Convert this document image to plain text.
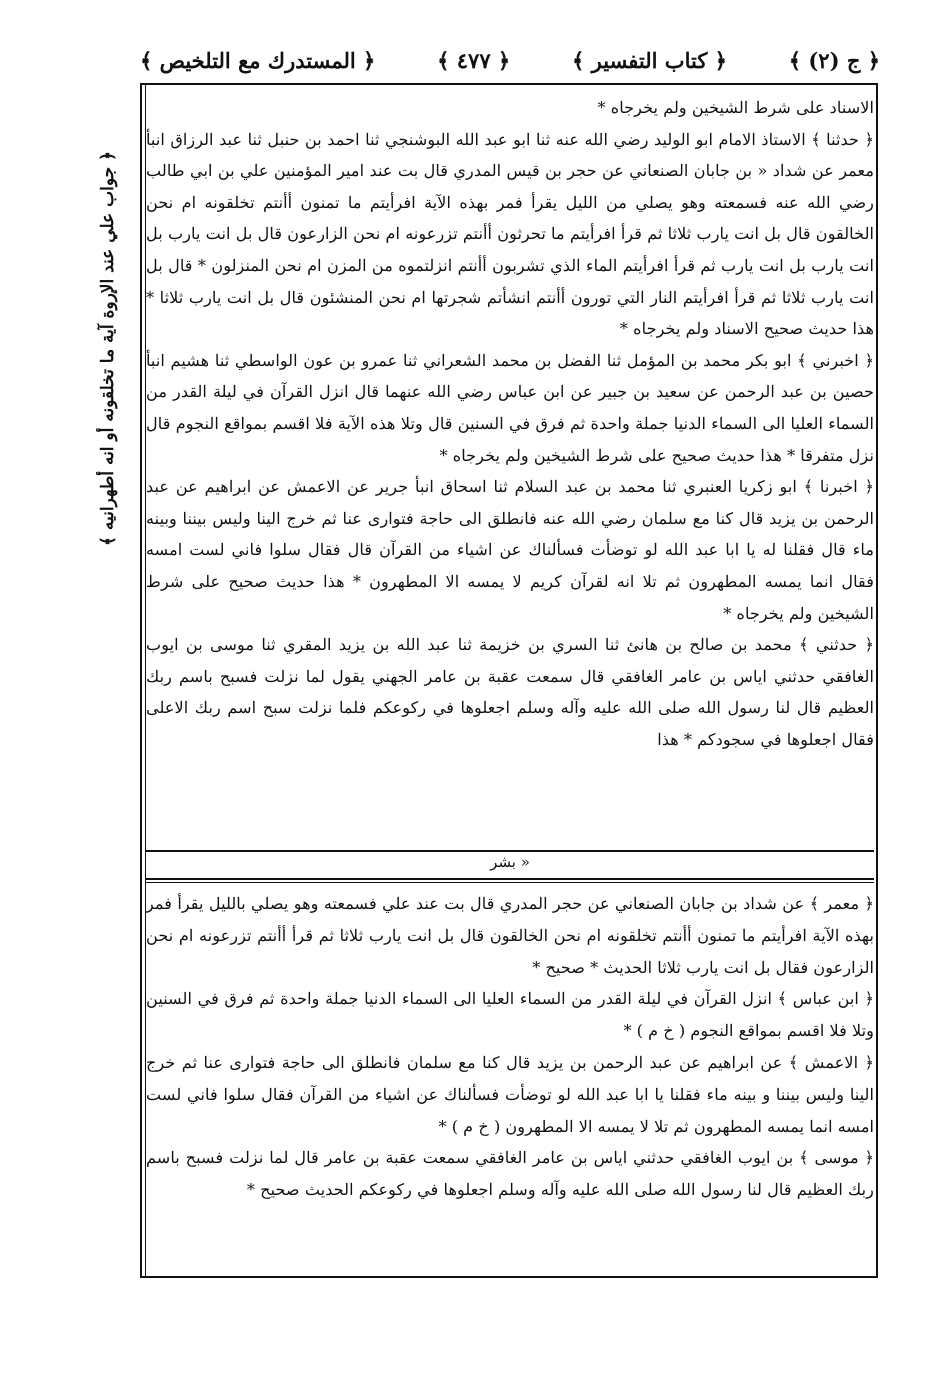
﴿ المستدرك مع التلخيص ﴾	﴿ ٤٧٧ ﴾	﴿ كتاب التفسير ﴾	﴿ ج (٢) ﴾
﴿ جواب علي عند الإروة آية ما تخلقونه أو انه أطهرانيه ﴾

الاسناد على شرط الشيخين ولم يخرجاه *

﴿ حدثنا ﴾ الاستاذ الامام ابو الوليد رضي الله عنه ثنا ابو عبد الله البوشنجي ثنا احمد بن حنبل ثنا عبد الرزاق انبأ معمر عن شداد « بن جابان الصنعاني عن حجر بن قيس المدري قال بت عند امير المؤمنين علي بن ابي طالب رضي الله عنه فسمعته وهو يصلي من الليل يقرأ فمر بهذه الآية افرأيتم ما تمنون أأنتم تخلقونه ام نحن الخالقون قال بل انت يارب ثلاثا ثم قرأ افرأيتم ما تحرثون أأنتم تزرعونه ام نحن الزارعون قال بل انت يارب بل انت يارب بل انت يارب ثم قرأ افرأيتم الماء الذي تشربون أأنتم انزلتموه من المزن ام نحن المنزلون * قال بل انت يارب ثلاثا ثم قرأ افرأيتم النار التي تورون أأنتم انشأتم شجرتها ام نحن المنشئون قال بل انت يارب ثلاثا * هذا حديث صحيح الاسناد ولم يخرجاه *

﴿ اخبرني ﴾ ابو بكر محمد بن المؤمل ثنا الفضل بن محمد الشعراني ثنا عمرو بن عون الواسطي ثنا هشيم انبأ حصين بن عبد الرحمن عن سعيد بن جبير عن ابن عباس رضي الله عنهما قال انزل القرآن في ليلة القدر من السماء العليا الى السماء الدنيا جملة واحدة ثم فرق في السنين قال وتلا هذه الآية فلا اقسم بمواقع النجوم قال نزل متفرقا * هذا حديث صحيح على شرط الشيخين ولم يخرجاه *

﴿ اخبرنا ﴾ ابو زكريا العنبري ثنا محمد بن عبد السلام ثنا اسحاق انبأ جرير عن الاعمش عن ابراهيم عن عبد الرحمن بن يزيد قال كنا مع سلمان رضي الله عنه فانطلق الى حاجة فتوارى عنا ثم خرج الينا وليس بيننا وبينه ماء قال فقلنا له يا ابا عبد الله لو توضأت فسألناك عن اشياء من القرآن قال فقال سلوا فاني لست امسه فقال انما يمسه المطهرون ثم تلا انه لقرآن كريم لا يمسه الا المطهرون * هذا حديث صحيح على شرط الشيخين ولم يخرجاه *

﴿ حدثني ﴾ محمد بن صالح بن هانئ ثنا السري بن خزيمة ثنا عبد الله بن يزيد المقري ثنا موسى بن ايوب الغافقي حدثني اياس بن عامر الغافقي قال سمعت عقبة بن عامر الجهني يقول لما نزلت فسبح باسم ربك العظيم قال لنا رسول الله صلى الله عليه وآله وسلم اجعلوها في ركوعكم فلما نزلت سبح اسم ربك الاعلى فقال اجعلوها في سجودكم * هذا

« بشر

﴿ معمر ﴾ عن شداد بن جابان الصنعاني عن حجر المدري قال بت عند علي فسمعته وهو يصلي بالليل يقرأ فمر بهذه الآية افرأيتم ما تمنون أأنتم تخلقونه ام نحن الخالقون قال بل انت يارب ثلاثا ثم قرأ أأنتم تزرعونه ام نحن الزارعون فقال بل انت يارب ثلاثا الحديث * صحيح *

﴿ ابن عباس ﴾ انزل القرآن في ليلة القدر من السماء العليا الى السماء الدنيا جملة واحدة ثم فرق في السنين وتلا فلا اقسم بمواقع النجوم ( خ م ) *

﴿ الاعمش ﴾ عن ابراهيم عن عبد الرحمن بن يزيد قال كنا مع سلمان فانطلق الى حاجة فتوارى عنا ثم خرج الينا وليس بيننا و بينه ماء فقلنا يا ابا عبد الله لو توضأت فسألناك عن اشياء من القرآن فقال سلوا فاني لست امسه انما يمسه المطهرون ثم تلا لا يمسه الا المطهرون ( خ م ) *

﴿ موسى ﴾ بن ايوب الغافقي حدثني اياس بن عامر الغافقي سمعت عقبة بن عامر قال لما نزلت فسبح باسم ربك العظيم قال لنا رسول الله صلى الله عليه وآله وسلم اجعلوها في ركوعكم الحديث صحيح *
